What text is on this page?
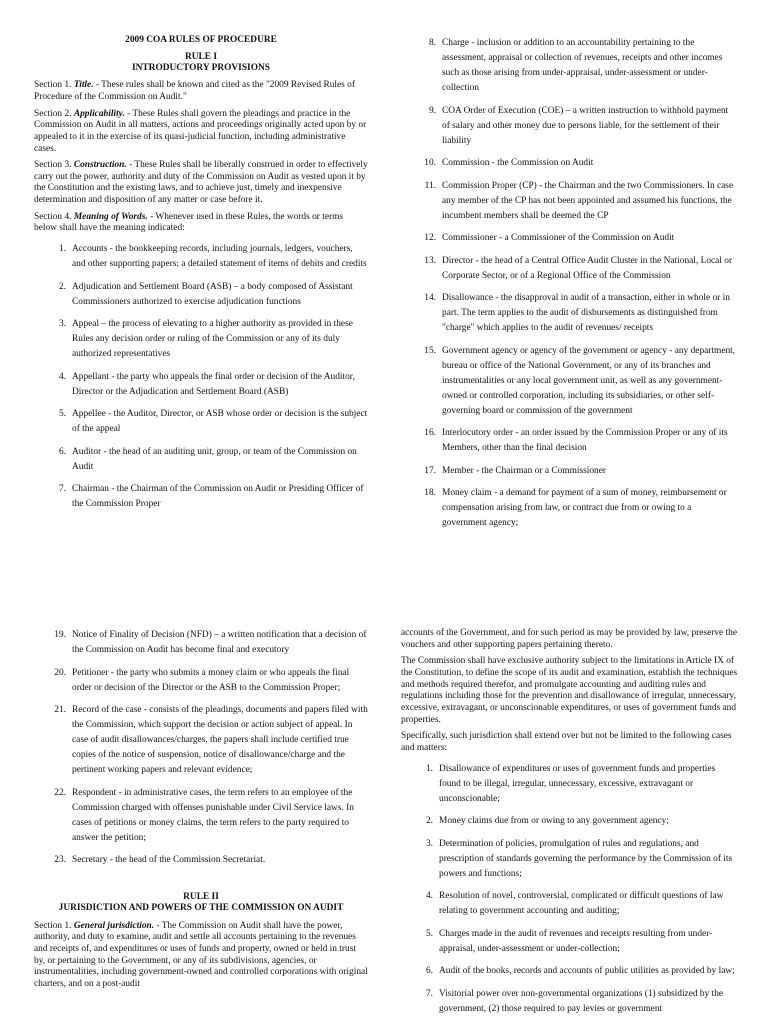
2009 COA RULES OF PROCEDURE
RULE I
INTRODUCTORY PROVISIONS

Section 1. Title. - These rules shall be known and cited as the "2009 Revised Rules of Procedure of the Commission on Audit."

Section 2. Applicability. - These Rules shall govern the pleadings and practice in the Commission on Audit in all matters, actions and proceedings originally acted upon by or appealed to it in the exercise of its quasi-judicial function, including administrative cases.

Section 3. Construction. - These Rules shall be liberally construed in order to effectively carry out the power, authority and duty of the Commission on Audit as vested upon it by the Constitution and the existing laws, and to achieve just, timely and inexpensive determination and disposition of any matter or case before it.

Section 4. Meaning of Words. - Whenever used in these Rules, the words or terms below shall have the meaning indicated:

1. Accounts - the bookkeeping records, including journals, ledgers, vouchers, and other supporting papers; a detailed statement of items of debits and credits
2. Adjudication and Settlement Board (ASB) – a body composed of Assistant Commissioners authorized to exercise adjudication functions
3. Appeal – the process of elevating to a higher authority as provided in these Rules any decision order or ruling of the Commission or any of its duly authorized representatives
4. Appellant - the party who appeals the final order or decision of the Auditor, Director or the Adjudication and Settlement Board (ASB)
5. Appellee - the Auditor, Director, or ASB whose order or decision is the subject of the appeal
6. Auditor - the head of an auditing unit, group, or team of the Commission on Audit
7. Chairman - the Chairman of the Commission on Audit or Presiding Officer of the Commission Proper
8. Charge - inclusion or addition to an accountability pertaining to the assessment, appraisal or collection of revenues, receipts and other incomes such as those arising from under-appraisal, under-assessment or under-collection
9. COA Order of Execution (COE) – a written instruction to withhold payment of salary and other money due to persons liable, for the settlement of their liability
10. Commission - the Commission on Audit
11. Commission Proper (CP) - the Chairman and the two Commissioners. In case any member of the CP has not been appointed and assumed his functions, the incumbent members shall be deemed the CP
12. Commissioner - a Commissioner of the Commission on Audit
13. Director - the head of a Central Office Audit Cluster in the National, Local or Corporate Sector, or of a Regional Office of the Commission
14. Disallowance - the disapproval in audit of a transaction, either in whole or in part. The term applies to the audit of disbursements as distinguished from "charge" which applies to the audit of revenues/ receipts
15. Government agency or agency of the government or agency - any department, bureau or office of the National Government, or any of its branches and instrumentalities or any local government unit, as well as any government-owned or controlled corporation, including its subsidiaries, or other self-governing board or commission of the government
16. Interlocutory order - an order issued by the Commission Proper or any of its Members, other than the final decision
17. Member - the Chairman or a Commissioner
18. Money claim - a demand for payment of a sum of money, reimbursement or compensation arising from law, or contract due from or owing to a government agency;
19. Notice of Finality of Decision (NFD) – a written notification that a decision of the Commission on Audit has become final and executory
20. Petitioner - the party who submits a money claim or who appeals the final order or decision of the Director or the ASB to the Commission Proper;
21. Record of the case - consists of the pleadings, documents and papers filed with the Commission, which support the decision or action subject of appeal. In case of audit disallowances/charges, the papers shall include certified true copies of the notice of suspension, notice of disallowance/charge and the pertinent working papers and relevant evidence;
22. Respondent - in administrative cases, the term refers to an employee of the Commission charged with offenses punishable under Civil Service laws. In cases of petitions or money claims, the term refers to the party required to answer the petition;
23. Secretary - the head of the Commission Secretariat.
RULE II
JURISDICTION AND POWERS OF THE COMMISSION ON AUDIT

Section 1. General jurisdiction. - The Commission on Audit shall have the power, authority, and duty to examine, audit and settle all accounts pertaining to the revenues and receipts of, and expenditures or uses of funds and property, owned or held in trust by, or pertaining to the Government, or any of its subdivisions, agencies, or instrumentalities, including government-owned and controlled corporations with original charters, and on a post-audit

accounts of the Government, and for such period as may be provided by law, preserve the vouchers and other supporting papers pertaining thereto.

The Commission shall have exclusive authority subject to the limitations in Article IX of the Constitution, to define the scope of its audit and examination, establish the techniques and methods required therefor, and promulgate accounting and auditing rules and regulations including those for the prevention and disallowance of irregular, unnecessary, excessive, extravagant, or unconscionable expenditures, or uses of government funds and properties.

Specifically, such jurisdiction shall extend over but not be limited to the following cases and matters:

1. Disallowance of expenditures or uses of government funds and properties found to be illegal, irregular, unnecessary, excessive, extravagant or unconscionable;
2. Money claims due from or owing to any government agency;
3. Determination of policies, promulgation of rules and regulations, and prescription of standards governing the performance by the Commission of its powers and functions;
4. Resolution of novel, controversial, complicated or difficult questions of law relating to government accounting and auditing;
5. Charges made in the audit of revenues and receipts resulting from under-appraisal, under-assessment or under-collection;
6. Audit of the books, records and accounts of public utilities as provided by law;
7. Visitorial power over non-governmental organizations (1) subsidized by the government, (2) those required to pay levies or government
